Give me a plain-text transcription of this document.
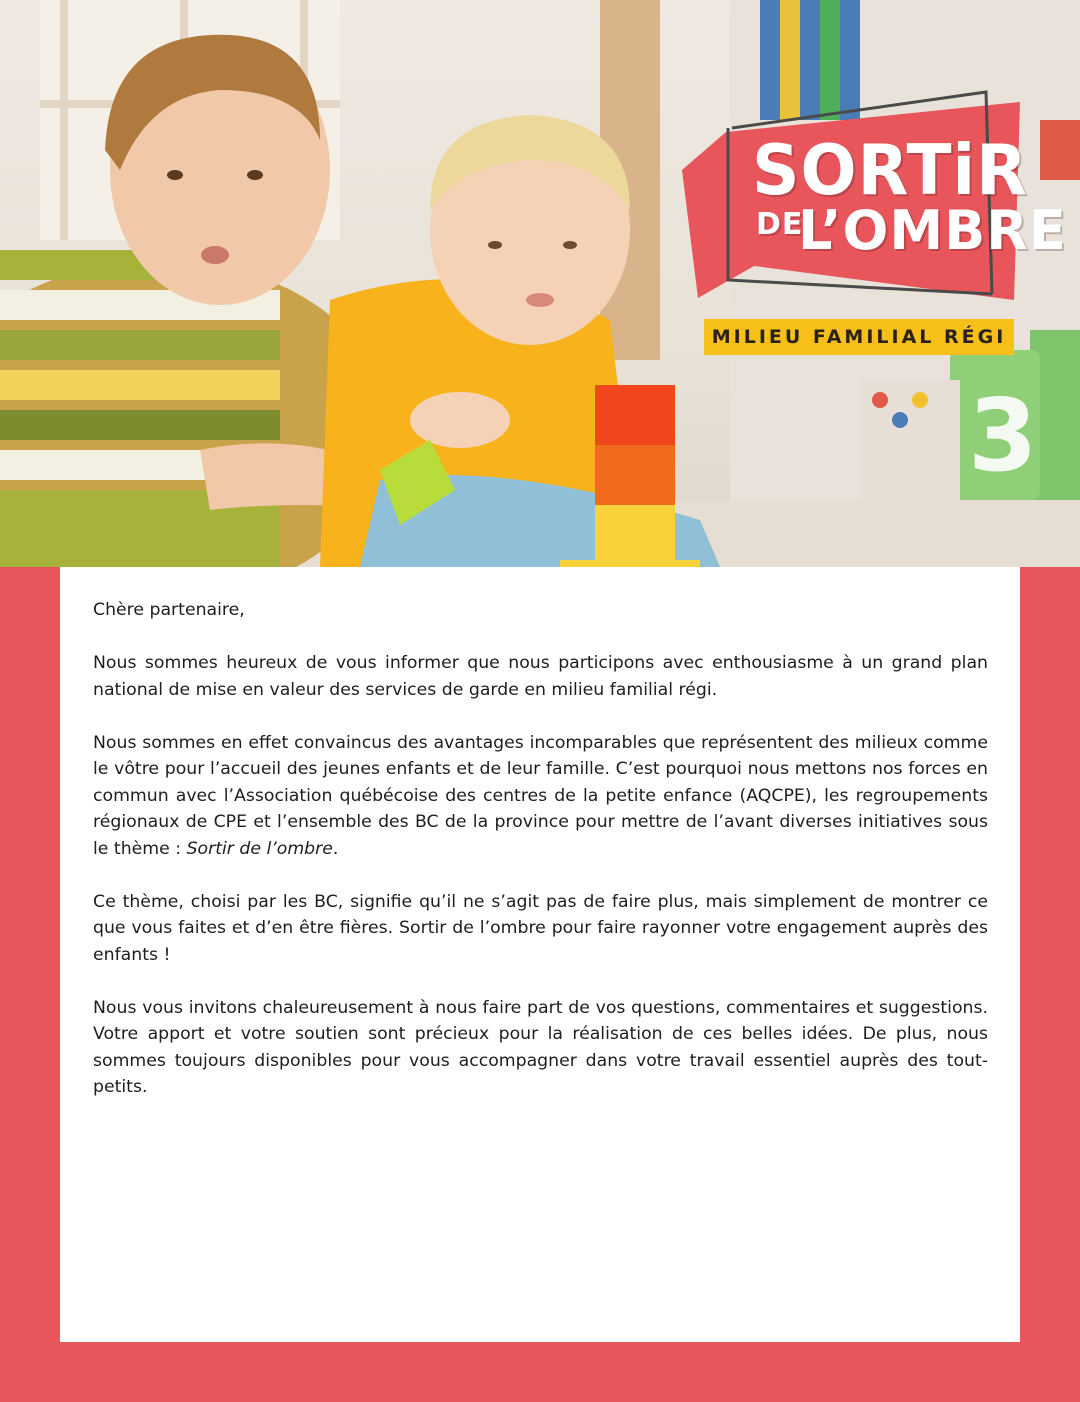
3
SORTiR
DE
L’OMBRE
MILIEU FAMILIAL RÉGI

Chère partenaire,

Nous sommes heureux de vous informer que nous participons avec enthousiasme à un grand plan national de mise en valeur des services de garde en milieu familial régi.

Nous sommes en effet convaincus des avantages incomparables que représentent des milieux comme le vôtre pour l’accueil des jeunes enfants et de leur famille. C’est pourquoi nous mettons nos forces en commun avec l’Association québécoise des centres de la petite enfance (AQCPE), les regroupements régionaux de CPE et l’ensemble des BC de la province pour mettre de l’avant diverses initiatives sous le thème : Sortir de l’ombre.

Ce thème, choisi par les BC, signifie qu’il ne s’agit pas de faire plus, mais simplement de montrer ce que vous faites et d’en être fières. Sortir de l’ombre pour faire rayonner votre engagement auprès des enfants !

Nous vous invitons chaleureusement à nous faire part de vos questions, commentaires et suggestions. Votre apport et votre soutien sont précieux pour la réalisation de ces belles idées. De plus, nous sommes toujours disponibles pour vous accompagner dans votre travail essentiel auprès des tout-petits.
